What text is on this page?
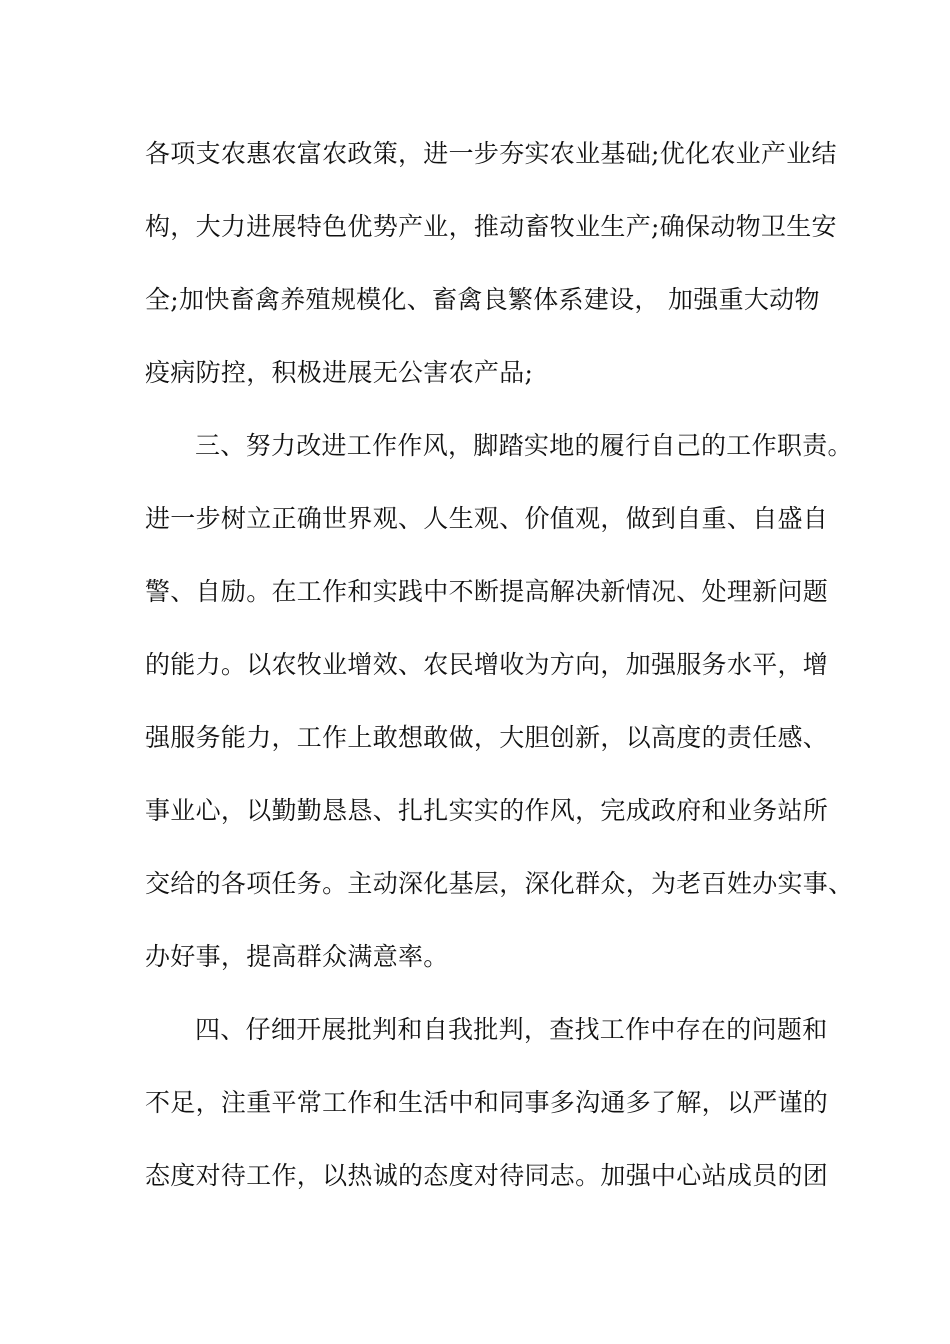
各项支农惠农富农政策，进一步夯实农业基础;优化农业产业结
构，大力进展特色优势产业，推动畜牧业生产;确保动物卫生安
全;加快畜禽养殖规模化、畜禽良繁体系建设， 加强重大动物
疫病防控，积极进展无公害农产品;
三、努力改进工作作风，脚踏实地的履行自己的工作职责。
进一步树立正确世界观、人生观、价值观，做到自重、自盛自
警、自励。在工作和实践中不断提高解决新情况、处理新问题
的能力。以农牧业增效、农民增收为方向，加强服务水平，增
强服务能力，工作上敢想敢做，大胆创新，以高度的责任感、
事业心，以勤勤恳恳、扎扎实实的作风，完成政府和业务站所
交给的各项任务。主动深化基层，深化群众，为老百姓办实事、
办好事，提高群众满意率。
四、仔细开展批判和自我批判，查找工作中存在的问题和
不足，注重平常工作和生活中和同事多沟通多了解，以严谨的
态度对待工作，以热诚的态度对待同志。加强中心站成员的团
